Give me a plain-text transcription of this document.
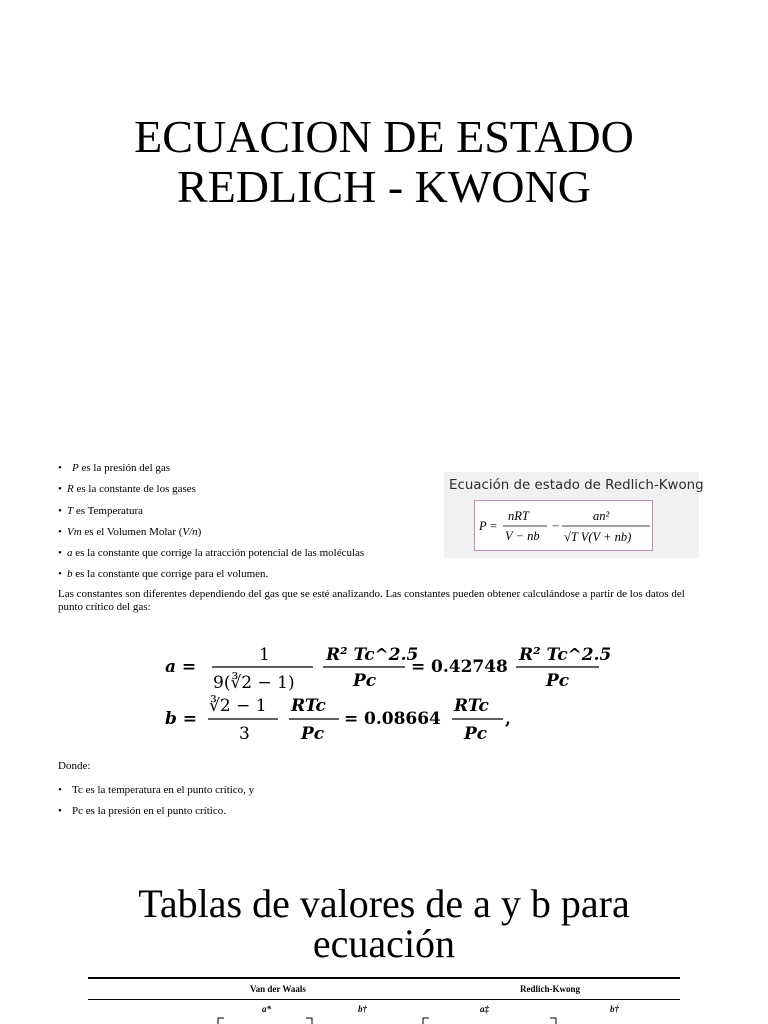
ECUACION DE ESTADO
REDLICH - KWONG
• P es la presión del gas
• R es la constante de los gases
• T es Temperatura
• Vm es el Volumen Molar (V/n)
• a es la constante que corrige la atracción potencial de las moléculas
• b es la constante que corrige para el volumen.
Ecuación de estado de Redlich-Kwong
P =
nRT
V − nb
−
an²
√T V(V + nb)
Las constantes son diferentes dependiendo del gas que se esté analizando. Las constantes pueden obtener calculándose a partir de los datos del punto crítico del gas:
a =
1
9(∛2 − 1)
R² Tc^2.5
Pc
= 0.42748
R² Tc^2.5
Pc
b =
∛2 − 1
3
RTc
Pc
= 0.08664
RTc
Pc
,
Donde:
• Tc es la temperatura en el punto crítico, y
• Pc es la presión en el punto crítico.
Tablas de valores de a y b para
ecuación
Van der Waals	Redlich-Kwong
a*	b†	a‡	b†
